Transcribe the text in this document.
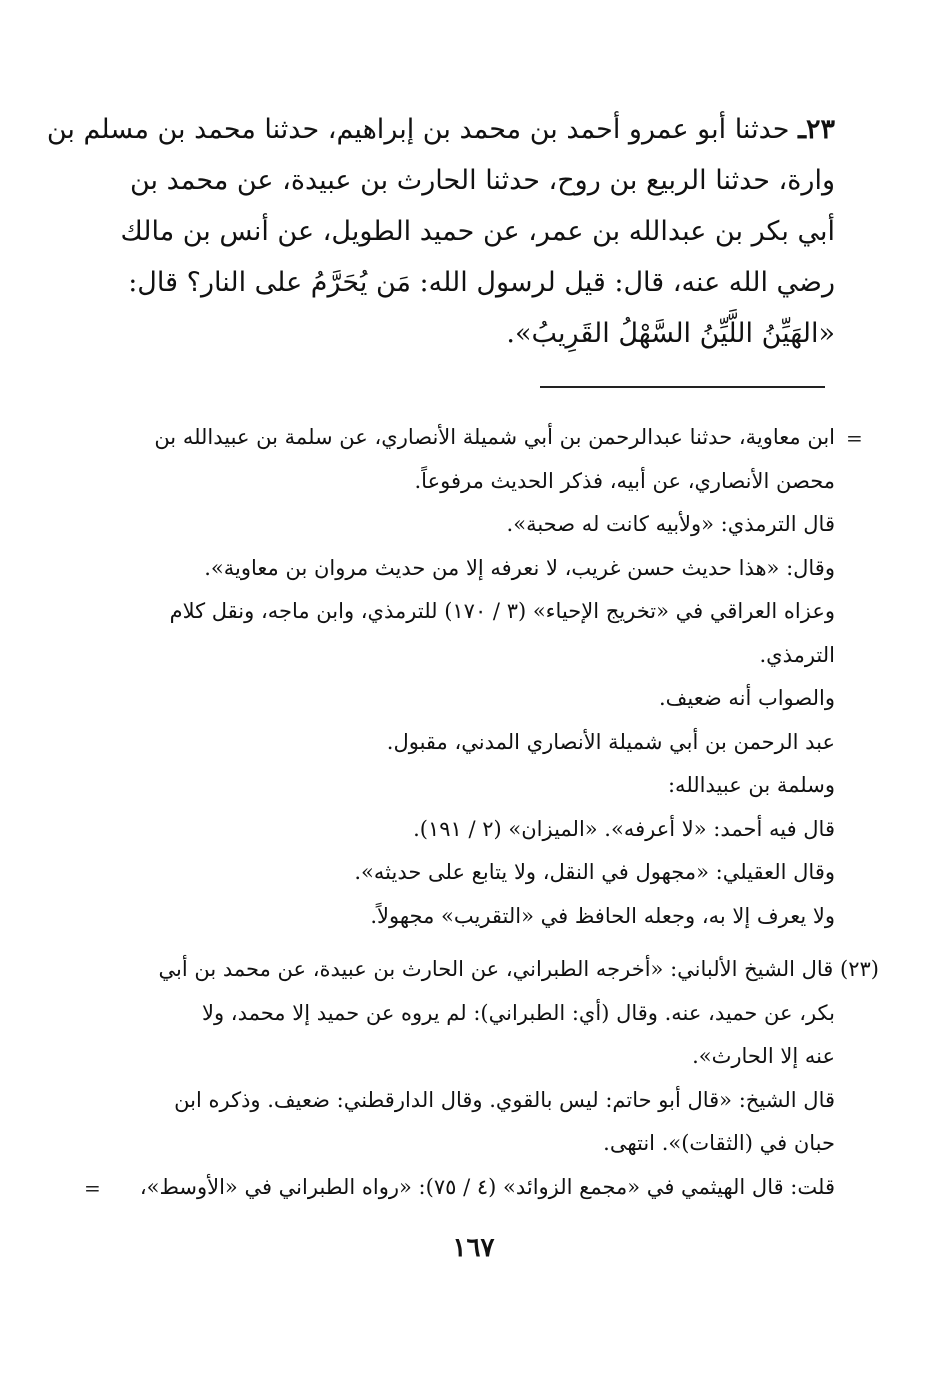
٢٣ـ حدثنا أبو عمرو أحمد بن محمد بن إبراهيم، حدثنا محمد بن مسلم بن
وارة، حدثنا الربيع بن روح، حدثنا الحارث بن عبيدة، عن محمد بن
أبي بكر بن عبدالله بن عمر، عن حميد الطويل، عن أنس بن مالك
رضي الله عنه، قال: قيل لرسول الله: مَن يُحَرَّمُ على النار؟ قال:
«الهَيِّنُ اللَّيِّنُ السَّهْلُ القَرِيبُ».
=
ابن معاوية، حدثنا عبدالرحمن بن أبي شميلة الأنصاري، عن سلمة بن عبيدالله بن
محصن الأنصاري، عن أبيه، فذكر الحديث مرفوعاً.
قال الترمذي: «ولأبيه كانت له صحبة».
وقال: «هذا حديث حسن غريب، لا نعرفه إلا من حديث مروان بن معاوية».
وعزاه العراقي في «تخريج الإحياء» (٣ / ١٧٠) للترمذي، وابن ماجه، ونقل كلام
الترمذي.
والصواب أنه ضعيف.
عبد الرحمن بن أبي شميلة الأنصاري المدني، مقبول.
وسلمة بن عبيدالله:
قال فيه أحمد: «لا أعرفه». «الميزان» (٢ / ١٩١).
وقال العقيلي: «مجهول في النقل، ولا يتابع على حديثه».
ولا يعرف إلا به، وجعله الحافظ في «التقريب» مجهولاً.
(٢٣) قال الشيخ الألباني: «أخرجه الطبراني، عن الحارث بن عبيدة، عن محمد بن أبي
بكر، عن حميد، عنه. وقال (أي: الطبراني): لم يروه عن حميد إلا محمد، ولا
عنه إلا الحارث».
قال الشيخ: «قال أبو حاتم: ليس بالقوي. وقال الدارقطني: ضعيف. وذكره ابن
حبان في (الثقات)». انتهى.
قلت: قال الهيثمي في «مجمع الزوائد» (٤ / ٧٥): «رواه الطبراني في «الأوسط»،
=
١٦٧
